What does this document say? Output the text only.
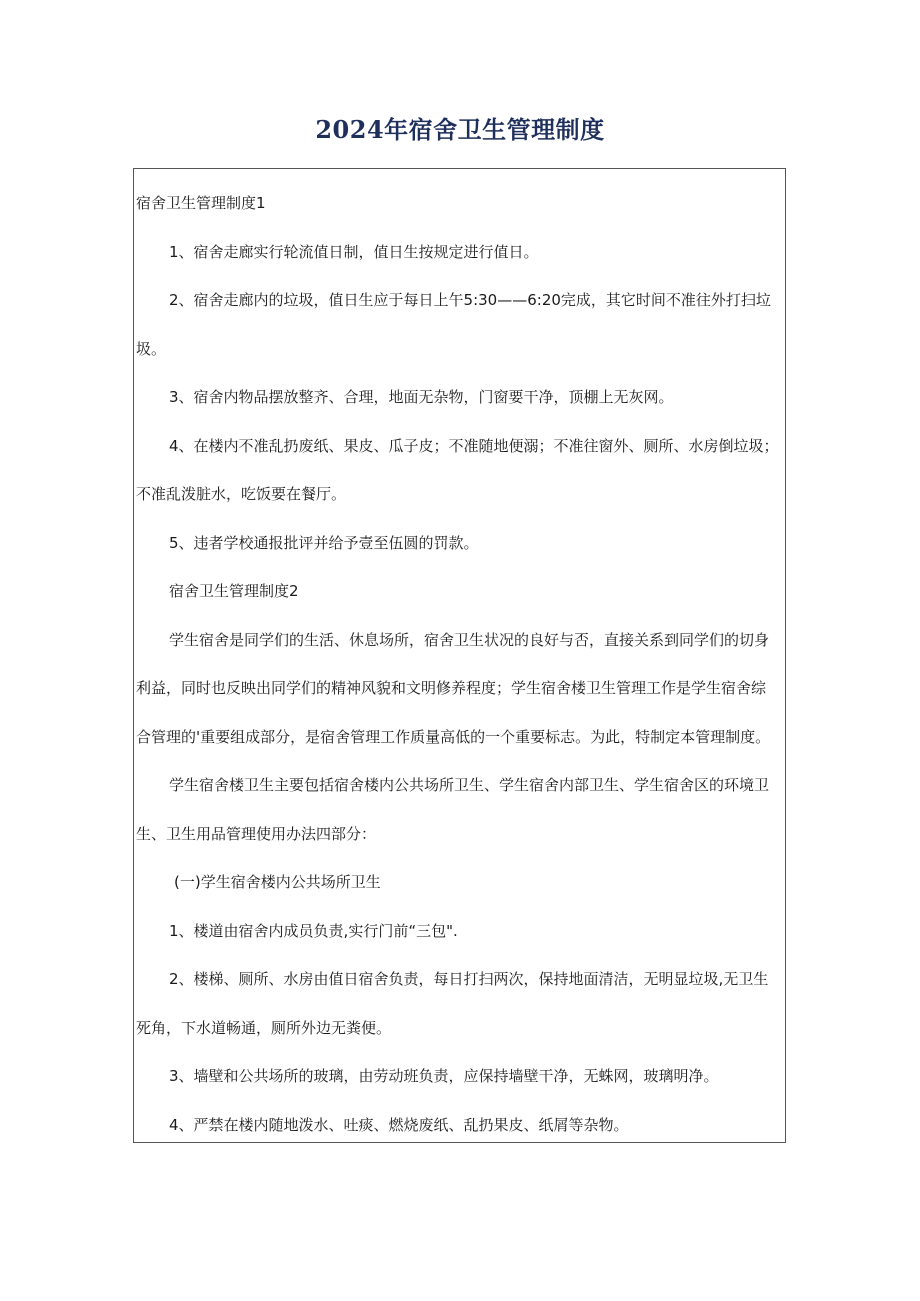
2024年宿舍卫生管理制度
宿舍卫生管理制度1
1、宿舍走廊实行轮流值日制，值日生按规定进行值日。
2、宿舍走廊内的垃圾，值日生应于每日上午5:30——6:20完成，其它时间不准往外打扫垃
圾。
3、宿舍内物品摆放整齐、合理，地面无杂物，门窗要干净，顶棚上无灰网。
4、在楼内不准乱扔废纸、果皮、瓜子皮；不准随地便溺；不准往窗外、厕所、水房倒垃圾；
不准乱泼脏水，吃饭要在餐厅。
5、违者学校通报批评并给予壹至伍圆的罚款。
宿舍卫生管理制度2
学生宿舍是同学们的生活、休息场所，宿舍卫生状况的良好与否，直接关系到同学们的切身
利益，同时也反映出同学们的精神风貌和文明修养程度；学生宿舍楼卫生管理工作是学生宿舍综
合管理的'重要组成部分，是宿舍管理工作质量高低的一个重要标志。为此，特制定本管理制度。
学生宿舍楼卫生主要包括宿舍楼内公共场所卫生、学生宿舍内部卫生、学生宿舍区的环境卫
生、卫生用品管理使用办法四部分：
(一)学生宿舍楼内公共场所卫生
1、楼道由宿舍内成员负责,实行门前“三包".
2、楼梯、厕所、水房由值日宿舍负责，每日打扫两次，保持地面清洁，无明显垃圾,无卫生
死角，下水道畅通，厕所外边无粪便。
3、墙壁和公共场所的玻璃，由劳动班负责，应保持墙壁干净，无蛛网，玻璃明净。
4、严禁在楼内随地泼水、吐痰、燃烧废纸、乱扔果皮、纸屑等杂物。
